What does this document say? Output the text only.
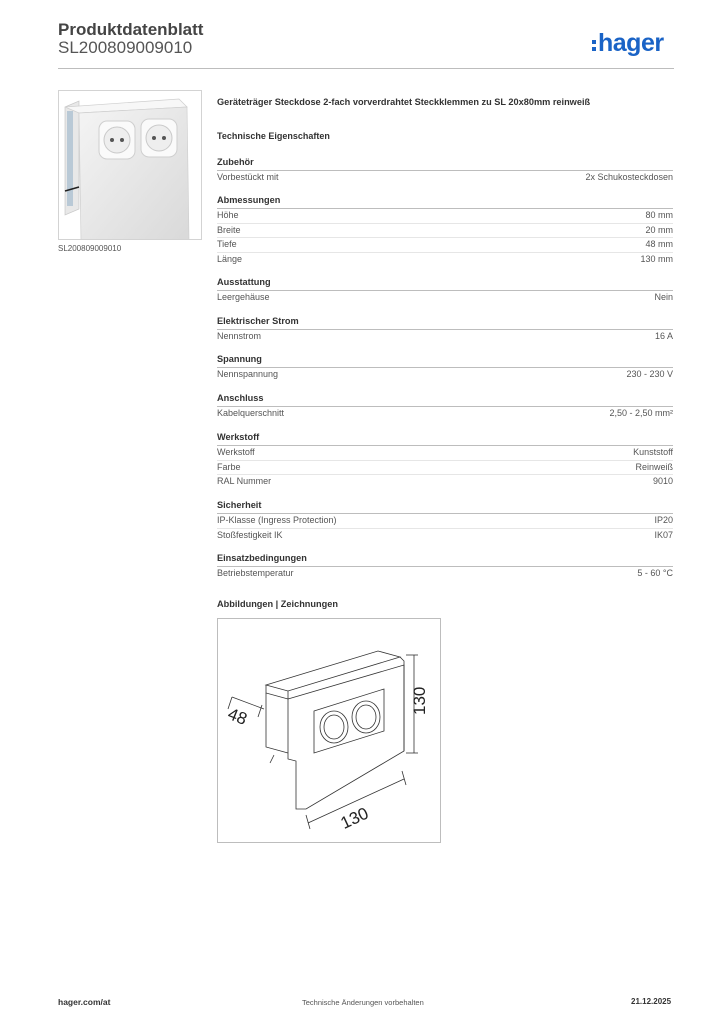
Produktdatenblatt
SL200809009010	hager
SL200809009010
Geräteträger Steckdose 2-fach vorverdrahtet Steckklemmen zu SL 20x80mm reinweiß
Technische Eigenschaften
Zubehör
Vorbestückt mit	2x Schukosteckdosen
Abmessungen
Höhe	80 mm
Breite	20 mm
Tiefe	48 mm
Länge	130 mm
Ausstattung
Leergehäuse	Nein
Elektrischer Strom
Nennstrom	16 A
Spannung
Nennspannung	230 - 230 V
Anschluss
Kabelquerschnitt	2,50 - 2,50 mm²
Werkstoff
Werkstoff	Kunststoff
Farbe	Reinweiß
RAL Nummer	9010
Sicherheit
IP-Klasse (Ingress Protection)	IP20
Stoßfestigkeit IK	IK07
Einsatzbedingungen
Betriebstemperatur	5 - 60 °C
Abbildungen | Zeichnungen
48
130
130
hager.com/at	Technische Änderungen vorbehalten	21.12.2025
